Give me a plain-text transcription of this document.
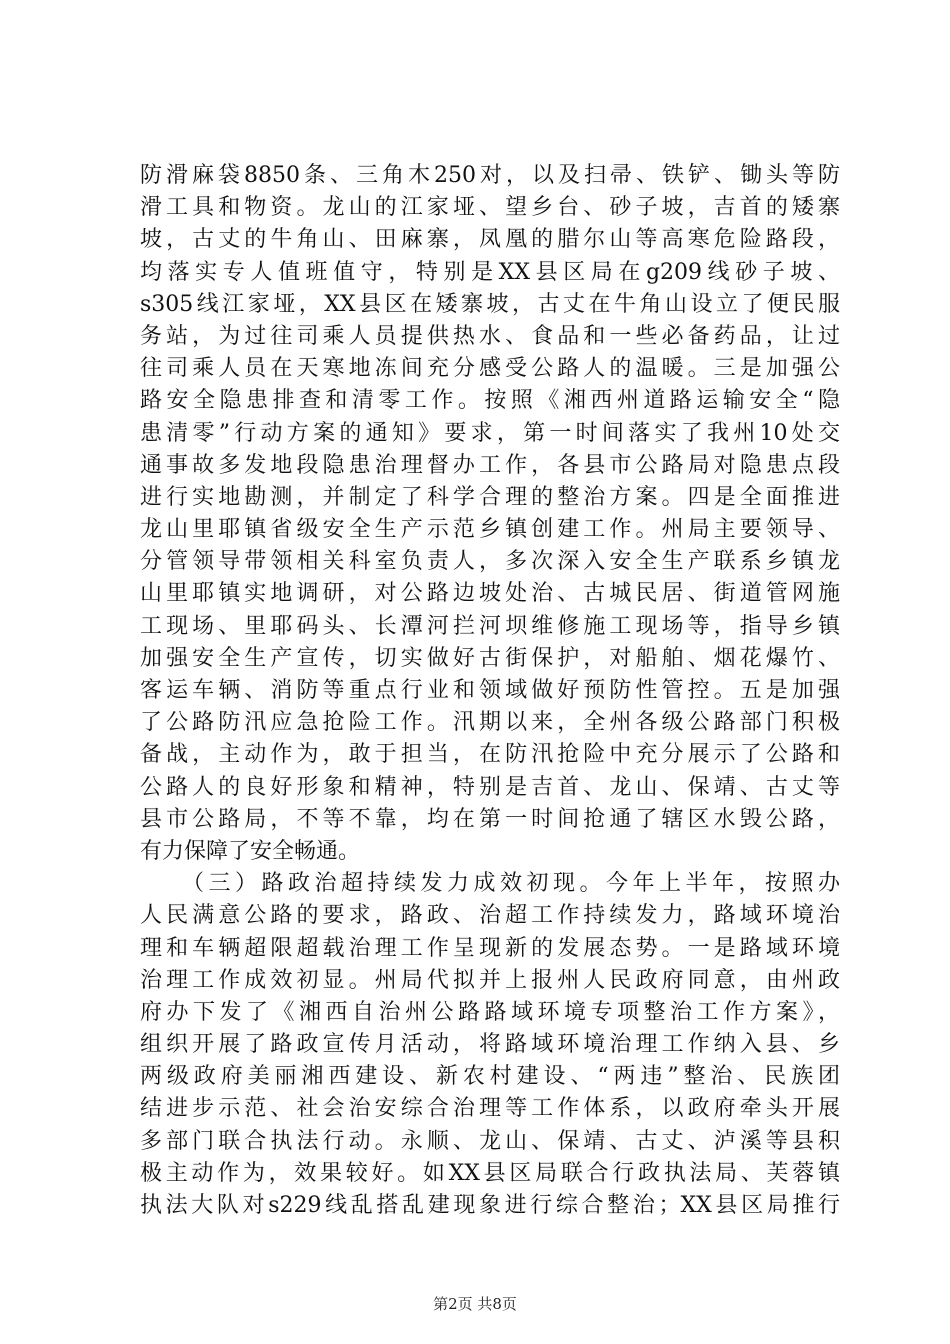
防滑麻袋8850条、三角木250对，以及扫帚、铁铲、锄头等防
滑工具和物资。龙山的江家垭、望乡台、砂子坡，吉首的矮寨
坡，古丈的牛角山、田麻寨，凤凰的腊尔山等高寒危险路段，
均落实专人值班值守，特别是XX县区局在g209线砂子坡、
s305线江家垭，XX县区在矮寨坡，古丈在牛角山设立了便民服
务站，为过往司乘人员提供热水、食品和一些必备药品，让过
往司乘人员在天寒地冻间充分感受公路人的温暖。三是加强公
路安全隐患排查和清零工作。按照《湘西州道路运输安全“隐
患清零”行动方案的通知》要求，第一时间落实了我州10处交
通事故多发地段隐患治理督办工作，各县市公路局对隐患点段
进行实地勘测，并制定了科学合理的整治方案。四是全面推进
龙山里耶镇省级安全生产示范乡镇创建工作。州局主要领导、
分管领导带领相关科室负责人，多次深入安全生产联系乡镇龙
山里耶镇实地调研，对公路边坡处治、古城民居、街道管网施
工现场、里耶码头、长潭河拦河坝维修施工现场等，指导乡镇
加强安全生产宣传，切实做好古街保护，对船舶、烟花爆竹、
客运车辆、消防等重点行业和领域做好预防性管控。五是加强
了公路防汛应急抢险工作。汛期以来，全州各级公路部门积极
备战，主动作为，敢于担当，在防汛抢险中充分展示了公路和
公路人的良好形象和精神，特别是吉首、龙山、保靖、古丈等
县市公路局，不等不靠，均在第一时间抢通了辖区水毁公路，
有力保障了安全畅通。
　　（三）路政治超持续发力成效初现。今年上半年，按照办
人民满意公路的要求，路政、治超工作持续发力，路域环境治
理和车辆超限超载治理工作呈现新的发展态势。一是路域环境
治理工作成效初显。州局代拟并上报州人民政府同意，由州政
府办下发了《湘西自治州公路路域环境专项整治工作方案》，
组织开展了路政宣传月活动，将路域环境治理工作纳入县、乡
两级政府美丽湘西建设、新农村建设、“两违”整治、民族团
结进步示范、社会治安综合治理等工作体系，以政府牵头开展
多部门联合执法行动。永顺、龙山、保靖、古丈、泸溪等县积
极主动作为，效果较好。如XX县区局联合行政执法局、芙蓉镇
执法大队对s229线乱搭乱建现象进行综合整治；XX县区局推行
第2页 共8页
